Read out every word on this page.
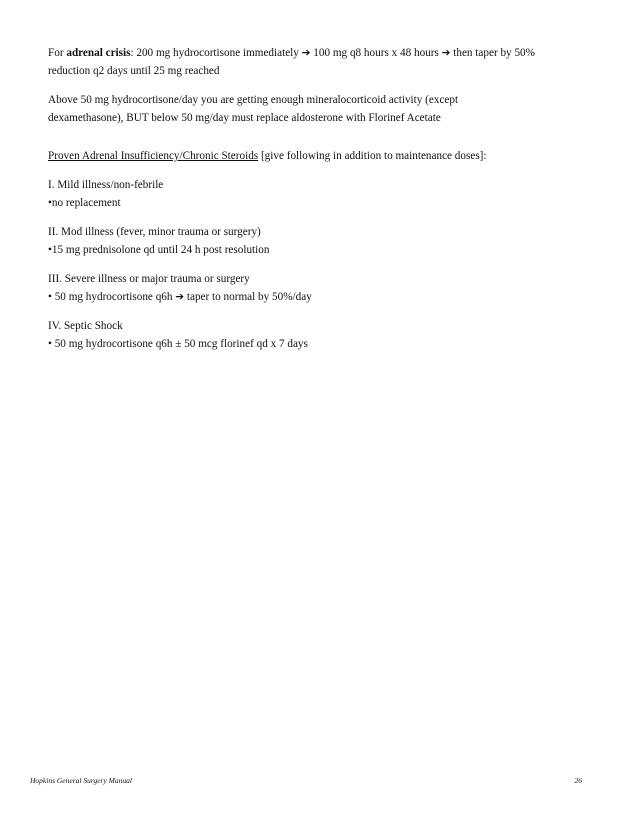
For adrenal crisis: 200 mg hydrocortisone immediately ➔ 100 mg q8 hours x 48 hours ➔ then taper by 50%
reduction q2 days until 25 mg reached
Above 50 mg hydrocortisone/day you are getting enough mineralocorticoid activity (except
dexamethasone), BUT below 50 mg/day must replace aldosterone with Florinef Acetate
Proven Adrenal Insufficiency/Chronic Steroids [give following in addition to maintenance doses]:
I. Mild illness/non-febrile
•no replacement
II. Mod illness (fever, minor trauma or surgery)
•15 mg prednisolone qd until 24 h post resolution
III. Severe illness or major trauma or surgery
• 50 mg hydrocortisone q6h ➔ taper to normal by 50%/day
IV. Septic Shock
• 50 mg hydrocortisone q6h ± 50 mcg florinef qd x 7 days
Hopkins General Surgery Manual	26
